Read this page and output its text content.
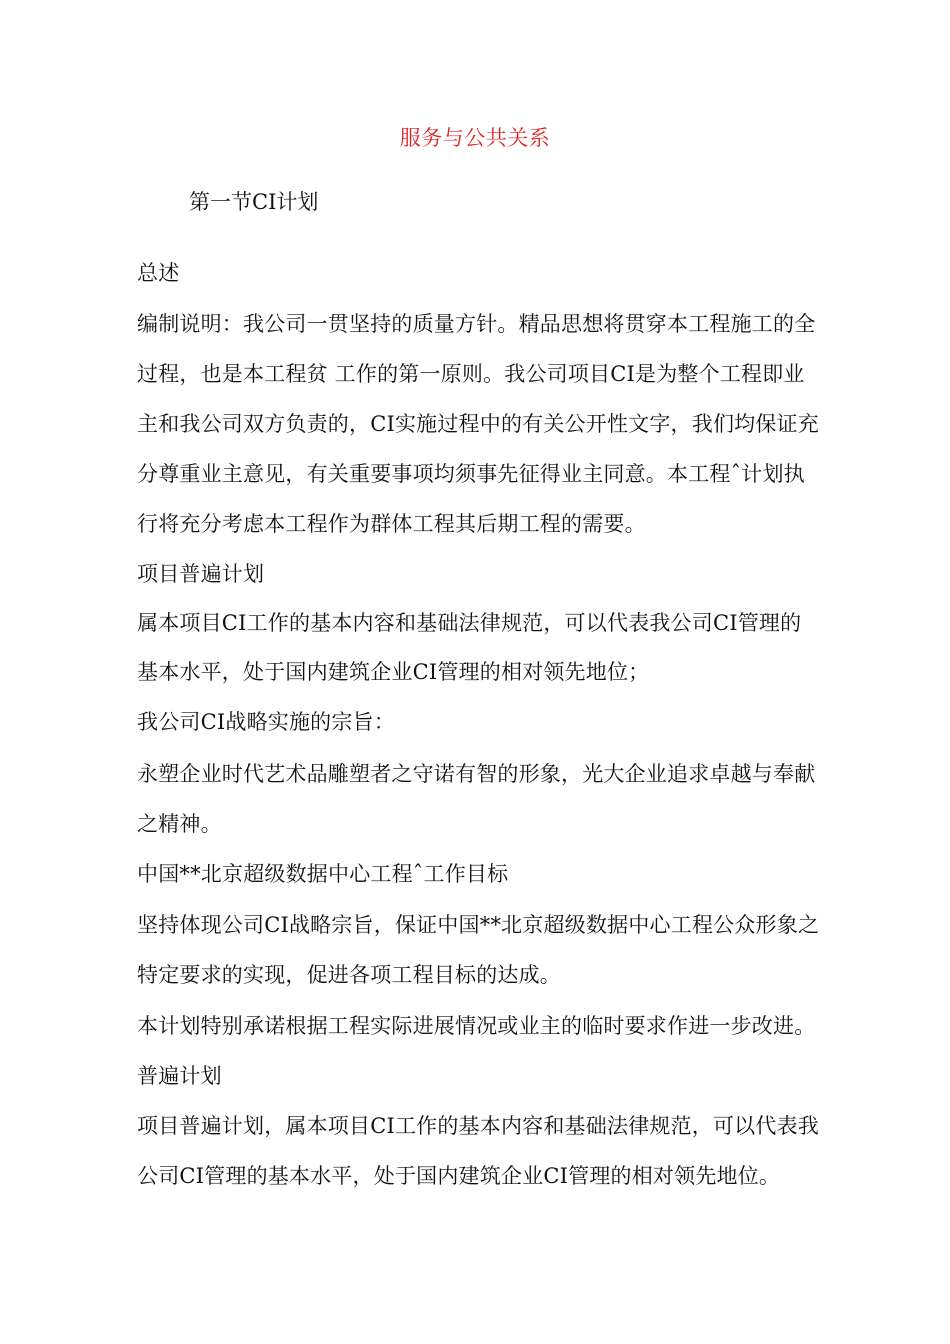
服务与公共关系
第一节CI计划
总述
编制说明：我公司一贯坚持的质量方针。精品思想将贯穿本工程施工的全
过程，也是本工程贫 工作的第一原则。我公司项目CI是为整个工程即业
主和我公司双方负责的，CI实施过程中的有关公开性文字，我们均保证充
分尊重业主意见，有关重要事项均须事先征得业主同意。本工程ˆ计划执
行将充分考虑本工程作为群体工程其后期工程的需要。
项目普遍计划
属本项目CI工作的基本内容和基础法律规范，可以代表我公司CI管理的
基本水平，处于国内建筑企业CI管理的相对领先地位；
我公司CI战略实施的宗旨：
永塑企业时代艺术品雕塑者之守诺有智的形象，光大企业追求卓越与奉献
之精神。
中国**北京超级数据中心工程ˆ工作目标
坚持体现公司CI战略宗旨，保证中国**北京超级数据中心工程公众形象之
特定要求的实现，促进各项工程目标的达成。
本计划特别承诺根据工程实际进展情况或业主的临时要求作进一步改进。
普遍计划
项目普遍计划，属本项目CI工作的基本内容和基础法律规范，可以代表我
公司CI管理的基本水平，处于国内建筑企业CI管理的相对领先地位。
